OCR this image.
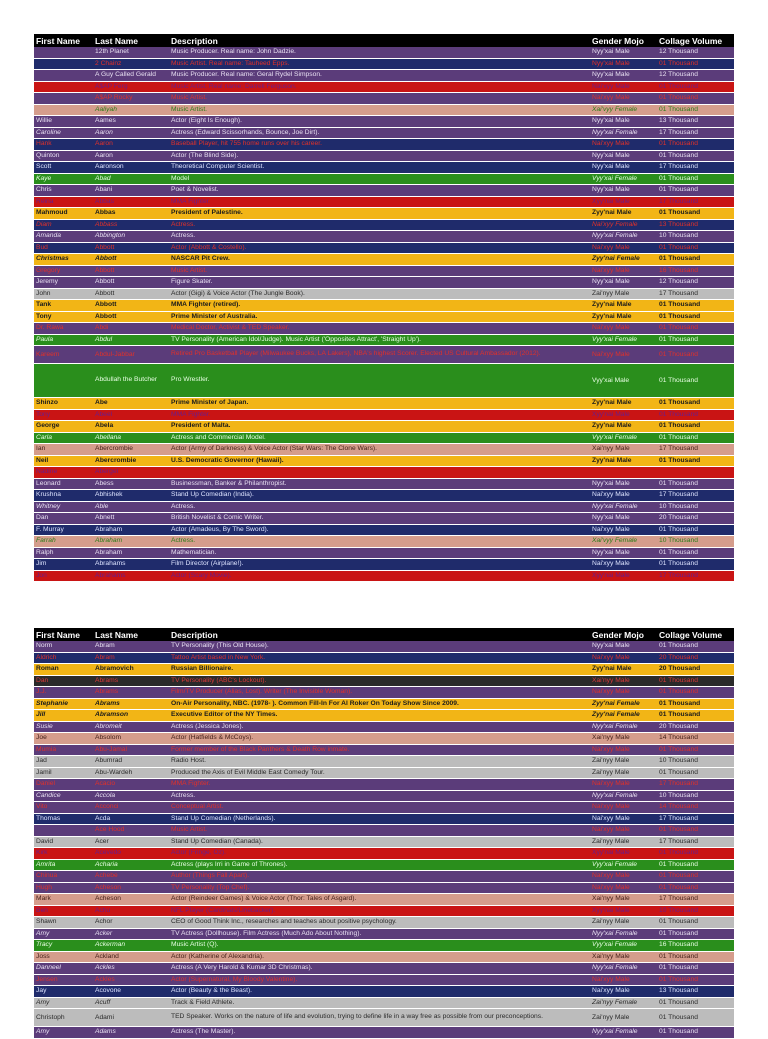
First Name	Last Name	Description	Gender Mojo	Collage Volume
	12th Planet	Music Producer. Real name: John Dadzie.	Nyy'xai Male	12 Thousand
	2 Chainz	Music Artist. Real name: Tauheed Epps.	Nyy'xai Male	01 Thousand
	A Guy Called Gerald	Music Producer. Real name: Geral Rydel Simpson.	Nyy'xai Male	12 Thousand
	A$AP Ferg	Music Artist. Real name: Darrell Ferguson.	Nai'xyy Male	01 Thousand
	A$AP Rocky	Music Artist.	Nai'xyy Male	01 Thousand
	Aaliyah	Music Artist.	Xai'vyy Female	01 Thousand
Willie	Aames	Actor (Eight Is Enough).	Nyy'xai Male	13 Thousand
Caroline	Aaron	Actress (Edward Scissorhands, Bounce, Joe Dirt).	Nyy'xai Female	17 Thousand
Hank	Aaron	Baseball Player, hit 755 home runs over his career.	Nai'xyy Male	01 Thousand
Quinton	Aaron	Actor (The Blind Side).	Nyy'xai Male	01 Thousand
Scott	Aaronson	Theoretical Computer Scientist.	Nyy'xai Male	17 Thousand
Kaye	Abad	Model	Vyy'xai Female	01 Thousand
Chris	Abani	Poet & Novelist.	Nyy'xai Male	01 Thousand
Reina	Abbas	MMA Fighter.	Xyy'nai Male	17 Thousand
Mahmoud	Abbas	President of Palestine.	Zyy'nai Male	01 Thousand
Diam	Abbass	Actress.	Nai'xyy Female	13 Thousand
Amanda	Abbington	Actress.	Nyy'xai Female	10 Thousand
Bud	Abbott	Actor (Abbott & Costello).	Nai'xyy Male	01 Thousand
Christmas	Abbott	NASCAR Pit Crew.	Zyy'nai Female	01 Thousand
Gregory	Abbott	Music Artist.	Nai'xyy Male	16 Thousand
Jeremy	Abbott	Figure Skater.	Nyy'xai Male	12 Thousand
John	Abbott	Actor (Gigi) & Voice Actor (The Jungle Book).	Zai'nyy Male	17 Thousand
Tank	Abbott	MMA Fighter (retired).	Zyy'nai Male	01 Thousand
Tony	Abbott	Prime Minister of Australia.	Zyy'nai Male	01 Thousand
Dr. Rawa	Abdi	Medical Doctor, Activist & TED Speaker.	Nai'xyy Male	01 Thousand
Paula	Abdul	TV Personality (American Idol/Judge). Music Artist ('Opposites Attract', 'Straight Up').	Vyy'xai Female	01 Thousand
Kareem	Abdul-Jabbar	Retired Pro Basketball Player (Milwaukee Bucks, LA Lakers), NBA's highest Scorer. Elected US Cultural Ambassador (2012).	Nai'xyy Male	01 Thousand
	Abdullah the Butcher	Pro Wrestler.	Vyy'xai Male	01 Thousand
Shinzo	Abe	Prime Minister of Japan.	Zyy'nai Male	01 Thousand
Tony	Abeel	MMA Fighter.	Xyy'nai Male	01 Thousand
George	Abela	President of Malta.	Zyy'nai Male	01 Thousand
Carla	Abellana	Actress and Commercial Model.	Vyy'xai Female	01 Thousand
Ian	Abercrombie	Actor (Army of Darkness) & Voice Actor (Star Wars: The Clone Wars).	Xai'nyy Male	17 Thousand
Neil	Abercrombie	U.S. Democratic Governor (Hawaii).	Zyy'nai Male	01 Thousand
Nadine	Abergel			
Leonard	Abess	Businessman, Banker & Philanthropist.	Nyy'xai Male	01 Thousand
Krushna	Abhishek	Stand Up Comedian (India).	Nai'xyy Male	17 Thousand
Whitney	Able	Actress.	Nyy'xai Female	10 Thousand
Dan	Abnett	British Novelist & Comic Writer.	Nyy'xai Male	20 Thousand
F. Murray	Abraham	Actor (Amadeus, By The Sword).	Nai'xyy Male	01 Thousand
Farrah	Abraham	Actress.	Xai'vyy Female	10 Thousand
Ralph	Abraham	Mathematician.	Nyy'xai Male	01 Thousand
Jim	Abrahams	Film Director (Airplane!).	Nai'xyy Male	01 Thousand
Jon	Abrahams	Actor (Scary Movie).	Xyy'nai Male	17 Thousand
First Name	Last Name	Description	Gender Mojo	Collage Volume
Norm	Abram	TV Personality (This Old House).	Nyy'xai Male	01 Thousand
Aldrich	Abram	Tattoo Artist based in New York.	Nai'xyy Male	20 Thousand
Roman	Abramovich	Russian Billionaire.	Zyy'nai Male	20 Thousand
Dan	Abrams	TV Personality (ABC's Lockout).	Xai'nyy Male	01 Thousand
J.J.	Abrams	Film/TV Producer (Alias, Lost). Writer (The Invisible Woman).	Nai'xyy Male	01 Thousand
Stephanie	Abrams	On-Air Personality, NBC. (1978- ). Common Fill-In For Al Roker On Today Show Since 2009.	Zyy'nai Female	01 Thousand
Jill	Abramson	Executive Editor of the NY Times.	Zyy'nai Female	01 Thousand
Susie	Abromeit	Actress (Jessica Jones).	Nyy'xai Female	20 Thousand
Joe	Absolom	Actor (Hatfields & McCoys).	Xai'nyy Male	14 Thousand
Mumia	Abu-Jamal	Former member of the Black Panthers & Death Row inmate.	Nai'xyy Male	01 Thousand
Jad	Abumrad	Radio Host.	Zai'nyy Male	10 Thousand
Jamil	Abu-Wardeh	Produced the Axis of Evil Middle East Comedy Tour.	Zai'nyy Male	01 Thousand
Daniel	Acacio	MMA Fighter.	Nai'xyy Male	17 Thousand
Candice	Accola	Actress.	Nyy'xai Female	10 Thousand
Vito	Acconci	Conceptual Artist.	Nai'xyy Male	14 Thousand
Thomas	Acda	Stand Up Comedian (Netherlands).	Nai'xyy Male	17 Thousand
	Ace Hood	Music Artist.	Nai'xyy Male	01 Thousand
David	Acer	Stand Up Comedian (Canada).	Zai'nyy Male	17 Thousand
Kirk	Acevedo	Actor (Fringe, Oz).	Xyy'nai Male	01 Thousand
Amrita	Acharia	Actress (plays Irri in Game of Thrones).	Vyy'xai Female	01 Thousand
Chinua	Achebe	Author (Things Fall Apart).	Nai'xyy Male	01 Thousand
Hugh	Acheson	TV Personality (Top Chef).	Nai'xyy Male	01 Thousand
Mark	Acheson	Actor (Reindeer Games) & Voice Actor (Thor: Tales of Asgard).	Xai'nyy Male	17 Thousand
Ben	Achu	NFL Player (Cardinals/Linebacker).	Xyy'nai Male	10 Thousand
Shawn	Achor	CEO of Good Think Inc., researches and teaches about positive psychology.	Zai'nyy Male	01 Thousand
Amy	Acker	TV Actress (Dollhouse). Film Actress (Much Ado About Nothing).	Nyy'xai Female	01 Thousand
Tracy	Ackerman	Music Artist (Q).	Vyy'xai Female	16 Thousand
Joss	Ackland	Actor (Katherine of Alexandria).	Xai'nyy Male	01 Thousand
Danneel	Ackles	Actress (A Very Harold & Kumar 3D Christmas).	Nyy'xai Female	01 Thousand
Jensen	Ackles	Actor (Supernatural, My Bloody Valentine).	Nai'xyy Male	01 Thousand
Jay	Acovone	Actor (Beauty & the Beast).	Nai'xyy Male	13 Thousand
Amy	Acuff	Track & Field Athlete.	Zai'nyy Female	01 Thousand
Christoph	Adami	TED Speaker. Works on the nature of life and evolution, trying to define life in a way free as possible from our preconceptions.	Zai'nyy Male	01 Thousand
Amy	Adams	Actress (The Master).	Nyy'xai Female	01 Thousand
